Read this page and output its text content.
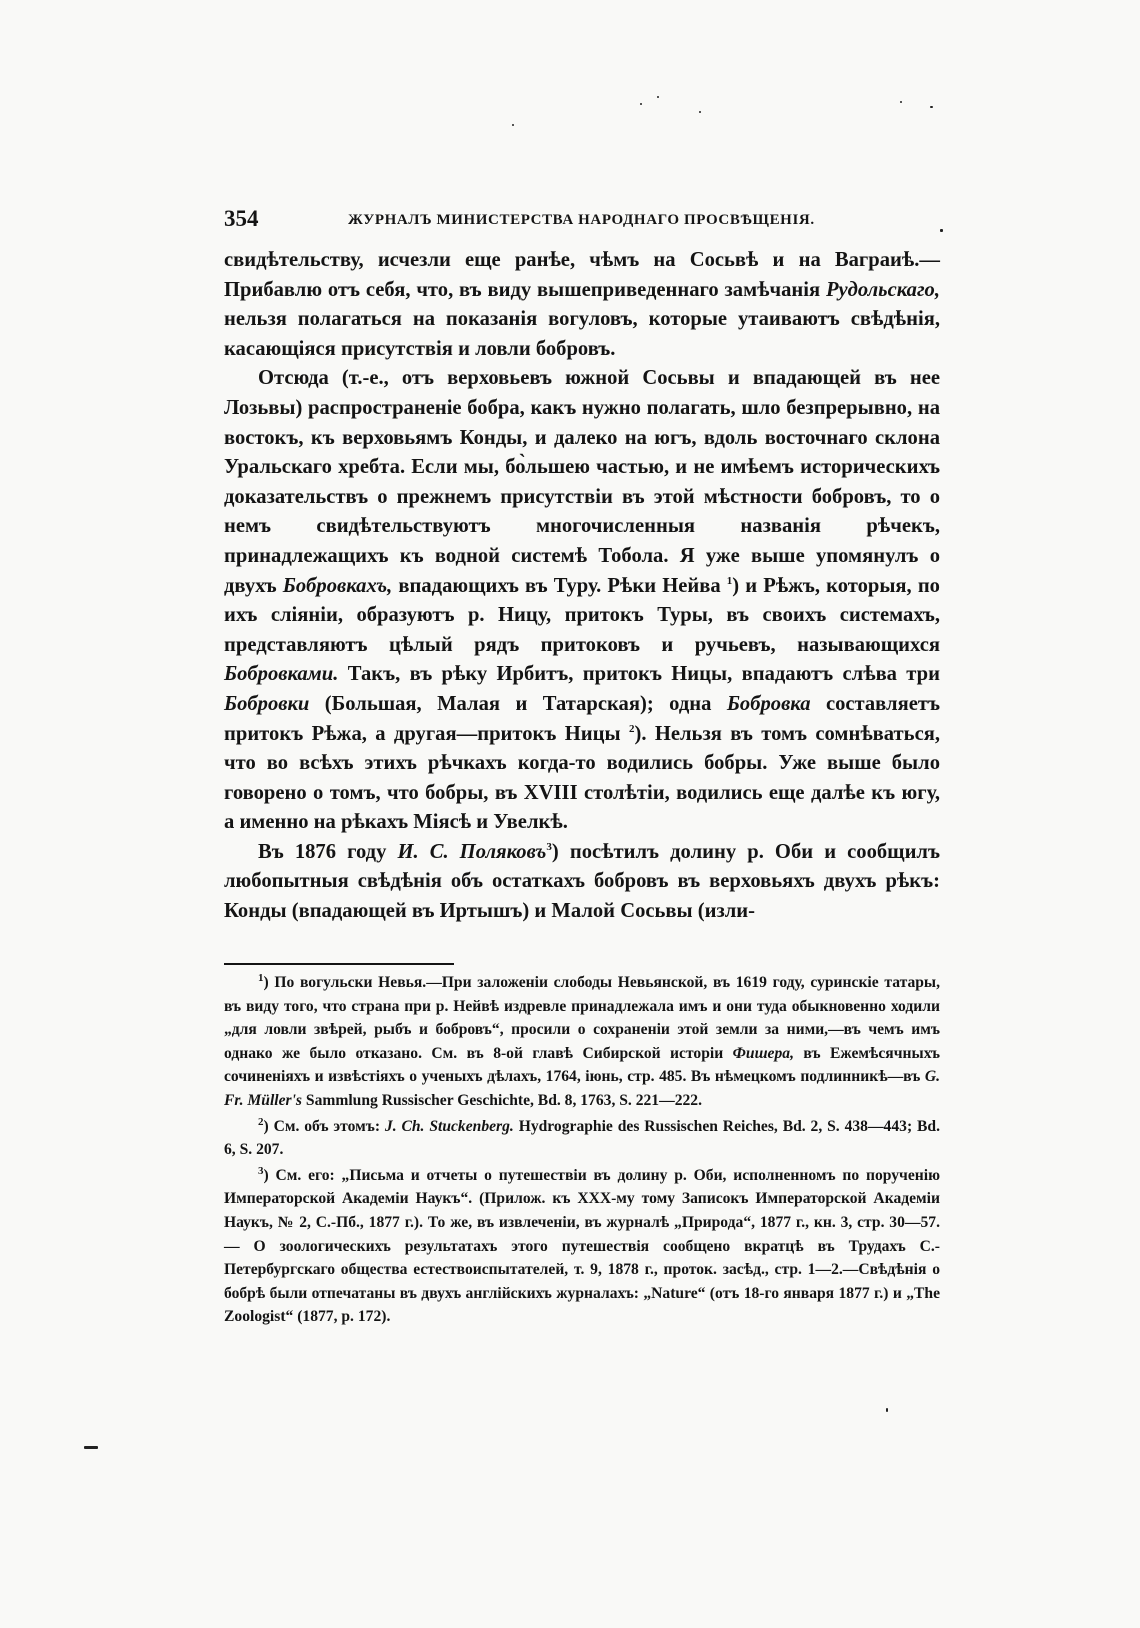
354	ЖУРНАЛЪ МИНИСТЕРСТВА НАРОДНАГО ПРОСВѢЩЕНІЯ.

свидѣтельству, исчезли еще ранѣе, чѣмъ на Сосьвѣ и на Ваграиѣ.— Прибавлю отъ себя, что, въ виду вышеприведеннаго замѣчанія Рудольскаго, нельзя полагаться на показанія вогуловъ, которые утаиваютъ свѣдѣнія, касающіяся присутствія и ловли бобровъ.

Отсюда (т.-е., отъ верховьевъ южной Сосьвы и впадающей въ нее Лозьвы) распространеніе бобра, какъ нужно полагать, шло безпрерывно, на востокъ, къ верховьямъ Конды, и далеко на югъ, вдоль восточнаго склона Уральскаго хребта. Если мы, бо̀льшею частью, и не имѣемъ историческихъ доказательствъ о прежнемъ присутствіи въ этой мѣстности бобровъ, то о немъ свидѣтельствуютъ многочисленныя названія рѣчекъ, принадлежащихъ къ водной системѣ Тобола. Я уже выше упомянулъ о двухъ Бобровкахъ, впадающихъ въ Туру. Рѣки Нейва $^1$) и Рѣжъ, которыя, по ихъ сліяніи, образуютъ р. Ницу, притокъ Туры, въ своихъ системахъ, представляютъ цѣлый рядъ притоковъ и ручьевъ, называющихся Бобровками. Такъ, въ рѣку Ирбитъ, притокъ Ницы, впадаютъ слѣва три Бобровки (Большая, Малая и Татарская); одна Бобровка составляетъ притокъ Рѣжа, а другая—притокъ Ницы $^2$). Нельзя въ томъ сомнѣваться, что во всѣхъ этихъ рѣчкахъ когда-то водились бобры. Уже выше было говорено о томъ, что бобры, въ XVIII столѣтіи, водились еще далѣе къ югу, а именно на рѣкахъ Міясѣ и Увелкѣ.

Въ 1876 году И. С. Поляковъ$^3$) посѣтилъ долину р. Оби и сообщилъ любопытныя свѣдѣнія объ остаткахъ бобровъ въ верховьяхъ двухъ рѣкъ: Конды (впадающей въ Иртышъ) и Малой Сосьвы (изли-

$^1$) По вогульски Невья.—При заложеніи слободы Невьянской, въ 1619 году, суринскіе татары, въ виду того, что страна при р. Нейвѣ издревле принадлежала имъ и они туда обыкновенно ходили „для ловли звѣрей, рыбъ и бобровъ“, просили о сохраненіи этой земли за ними,—въ чемъ имъ однако же было отказано. См. въ 8-ой главѣ Сибирской исторіи Фишера, въ Ежемѣсячныхъ сочиненіяхъ и извѣстіяхъ о ученыхъ дѣлахъ, 1764, іюнь, стр. 485. Въ нѣмецкомъ подлинникѣ—въ G. Fr. Müller's Sammlung Russischer Geschichte, Bd. 8, 1763, S. 221—222.

$^2$) См. объ этомъ: J. Ch. Stuckenberg. Hydrographie des Russischen Reiches, Bd. 2, S. 438—443; Bd. 6, S. 207.

$^3$) См. его: „Письма и отчеты о путешествіи въ долину р. Оби, исполненномъ по порученію Императорской Академіи Наукъ“. (Прилож. къ XXX-му тому Записокъ Императорской Академіи Наукъ, № 2, С.-Пб., 1877 г.). То же, въ извлеченіи, въ журналѣ „Природа“, 1877 г., кн. 3, стр. 30—57. — О зоологическихъ результатахъ этого путешествія сообщено вкратцѣ въ Трудахъ С.-Петербургскаго общества естествоиспытателей, т. 9, 1878 г., проток. засѣд., стр. 1—2.—Свѣдѣнія о бобрѣ были отпечатаны въ двухъ англійскихъ журналахъ: „Nature“ (отъ 18-го января 1877 г.) и „The Zoologist“ (1877, p. 172).
